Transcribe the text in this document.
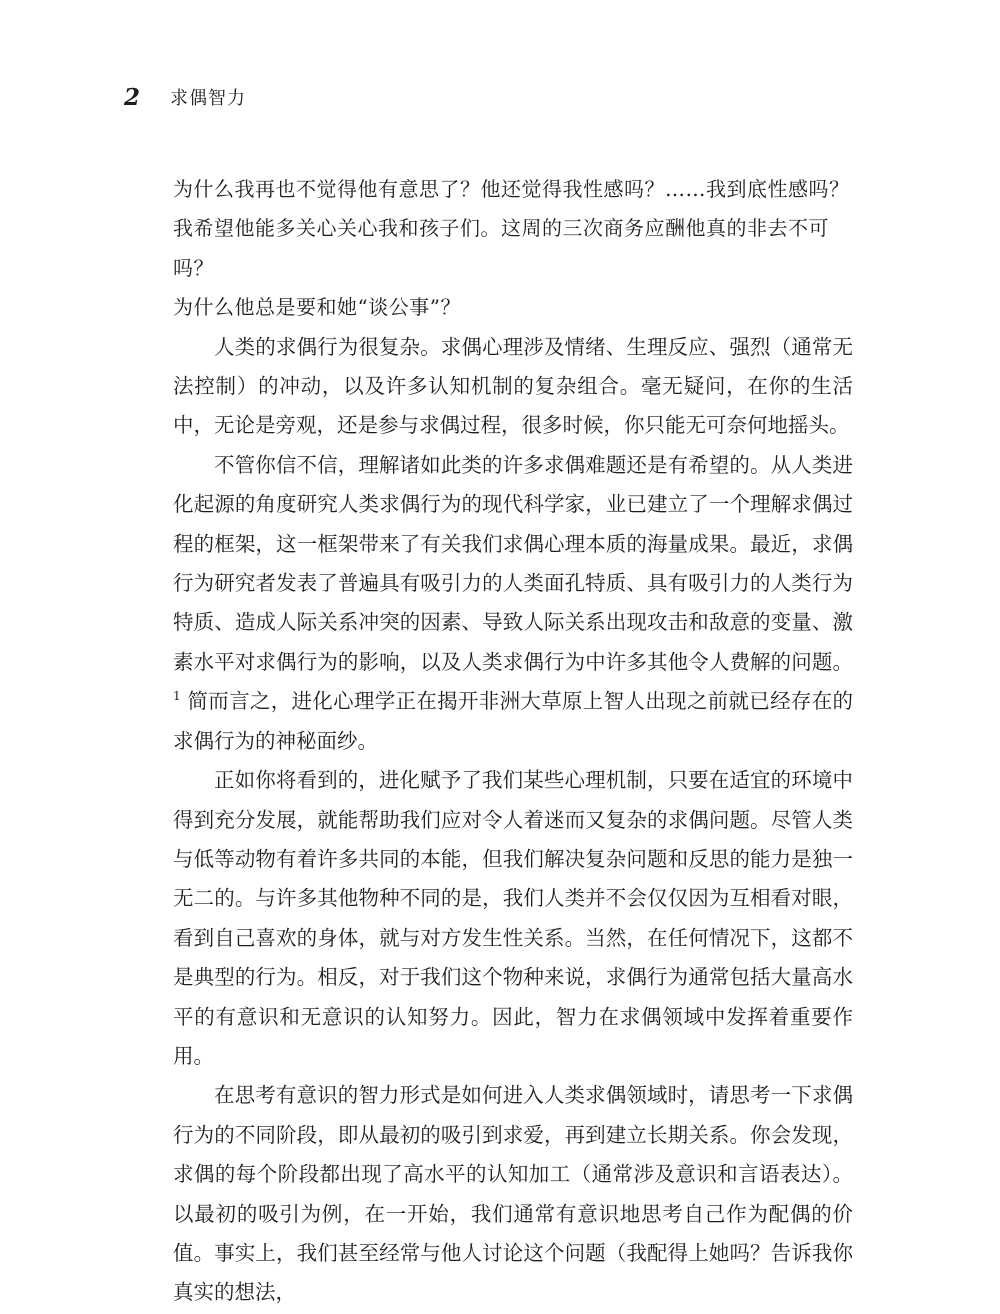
2	求偶智力

为什么我再也不觉得他有意思了？他还觉得我性感吗？……我到底性感吗？

我希望他能多关心关心我和孩子们。这周的三次商务应酬他真的非去不可吗？

为什么他总是要和她“谈公事”？

人类的求偶行为很复杂。求偶心理涉及情绪、生理反应、强烈（通常无法控制）的冲动，以及许多认知机制的复杂组合。毫无疑问，在你的生活中，无论是旁观，还是参与求偶过程，很多时候，你只能无可奈何地摇头。

不管你信不信，理解诸如此类的许多求偶难题还是有希望的。从人类进化起源的角度研究人类求偶行为的现代科学家，业已建立了一个理解求偶过程的框架，这一框架带来了有关我们求偶心理本质的海量成果。最近，求偶行为研究者发表了普遍具有吸引力的人类面孔特质、具有吸引力的人类行为特质、造成人际关系冲突的因素、导致人际关系出现攻击和敌意的变量、激素水平对求偶行为的影响，以及人类求偶行为中许多其他令人费解的问题。$^1$ 简而言之，进化心理学正在揭开非洲大草原上智人出现之前就已经存在的求偶行为的神秘面纱。

正如你将看到的，进化赋予了我们某些心理机制，只要在适宜的环境中得到充分发展，就能帮助我们应对令人着迷而又复杂的求偶问题。尽管人类与低等动物有着许多共同的本能，但我们解决复杂问题和反思的能力是独一无二的。与许多其他物种不同的是，我们人类并不会仅仅因为互相看对眼，看到自己喜欢的身体，就与对方发生性关系。当然，在任何情况下，这都不是典型的行为。相反，对于我们这个物种来说，求偶行为通常包括大量高水平的有意识和无意识的认知努力。因此，智力在求偶领域中发挥着重要作用。

在思考有意识的智力形式是如何进入人类求偶领域时，请思考一下求偶行为的不同阶段，即从最初的吸引到求爱，再到建立长期关系。你会发现，求偶的每个阶段都出现了高水平的认知加工（通常涉及意识和言语表达）。以最初的吸引为例，在一开始，我们通常有意识地思考自己作为配偶的价值。事实上，我们甚至经常与他人讨论这个问题（我配得上她吗？告诉我你真实的想法，
